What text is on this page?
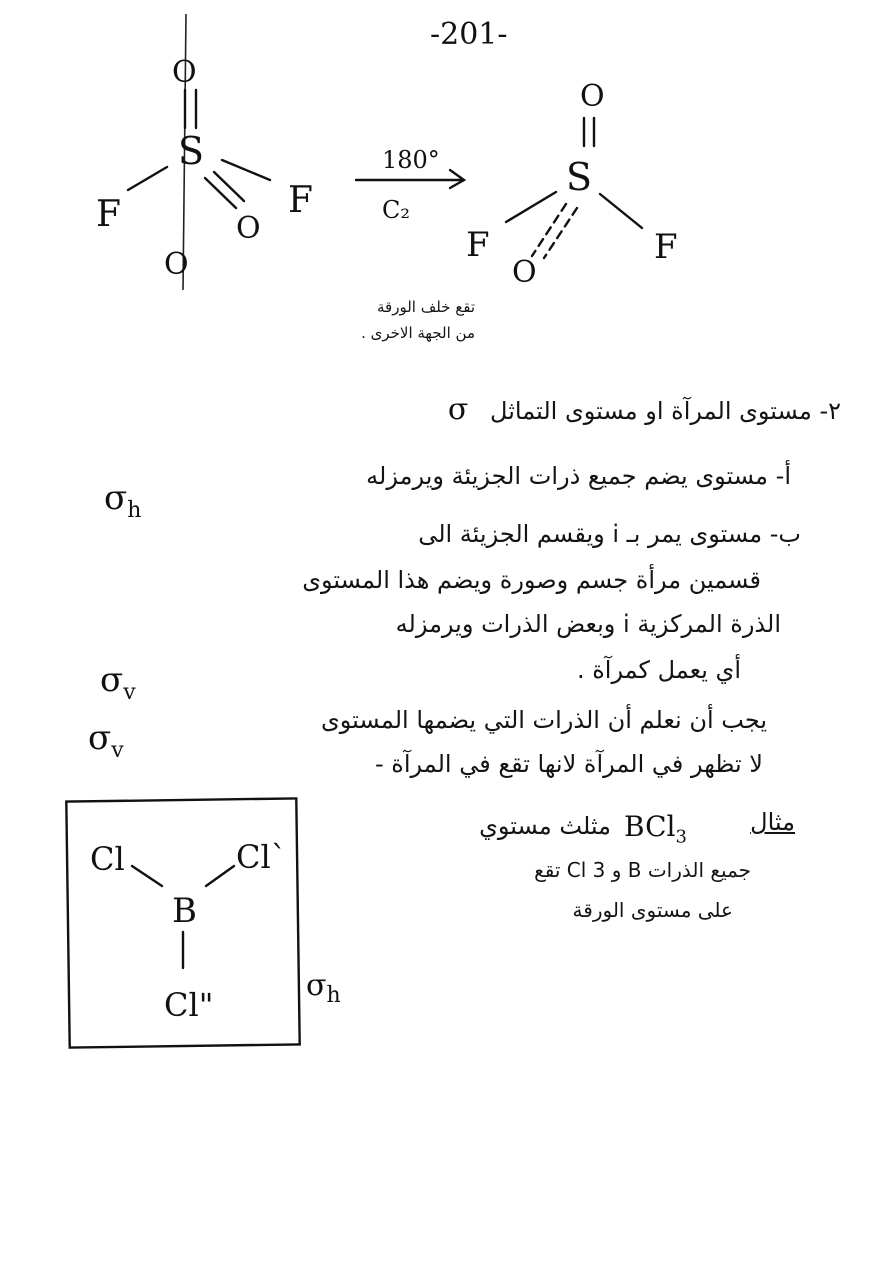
-201-
O
S
F	F
O
O
180°
C₂
O
S
F	F
O
Cl	Cl`
B
Cl"
تقع خلف الورقة
من الجهة الاخرى .
٢- مستوى المرآة او مستوى التماثل σ
أ- مستوى يضم جميع ذرات الجزيئة ويرمزله
$\sigma_h$
ب- مستوى يمر بـ i ويقسم الجزيئة الى
قسمين مرأة جسم وصورة ويضم هذا المستوى
الذرة المركزية i وبعض الذرات ويرمزله
أي يعمل كمرآة .
$\sigma_v$
يجب أن نعلم أن الذرات التي يضمها المستوى
لا تظهر في المرآة لانها تقع في المرآة -
$\sigma_v$
مثال
BCl$_3$
مثلث مستوي
جميع الذرات B و 3 Cl تقع
على مستوى الورقة
$\sigma_h$
